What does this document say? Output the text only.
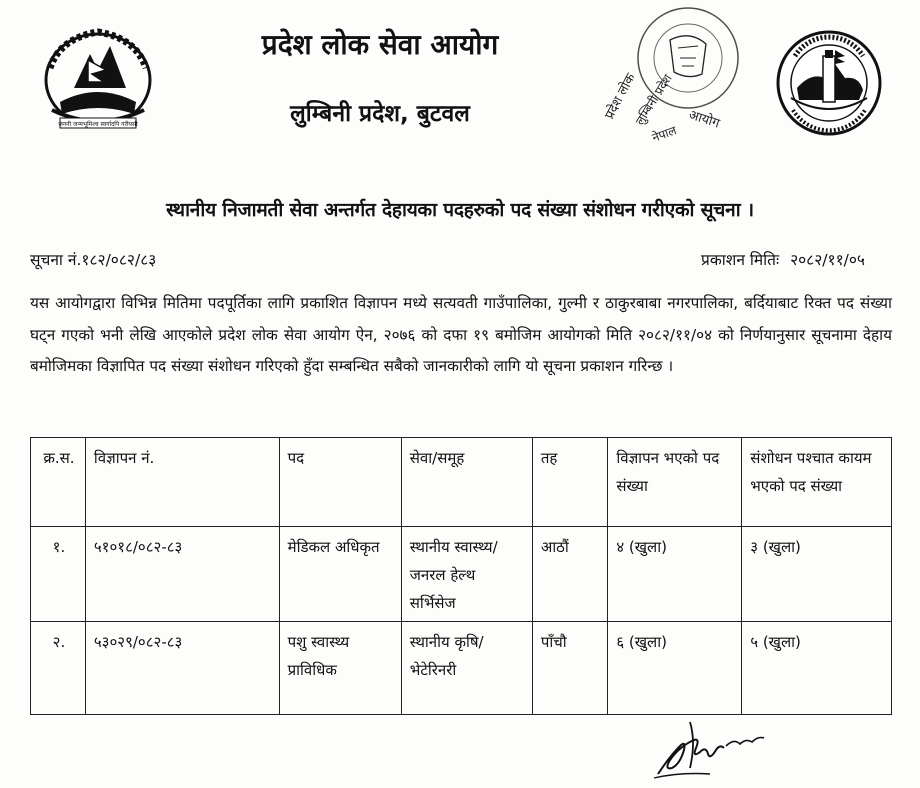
जननी जन्मभूमिश्च स्वर्गादपि गरीयसी
प्रदेश लोक
लुम्बिनी प्रदेश
नेपाल
आयोग
प्रदेश लोक सेवा आयोग
लुम्बिनी प्रदेश, बुटवल
स्थानीय निजामती सेवा अन्तर्गत देहायका पदहरुको पद संख्या संशोधन गरीएको सूचना ।
सूचना नं.१८२/०८२/८३	प्रकाशन मितिः २०८२/११/०५
यस आयोगद्वारा विभिन्न मितिमा पदपूर्तिका लागि प्रकाशित विज्ञापन मध्ये सत्यवती गाउँपालिका, गुल्मी र ठाकुरबाबा नगरपालिका, बर्दियाबाट रिक्त पद संख्या घट्न गएको भनी लेखि आएकोले प्रदेश लोक सेवा आयोग ऐन, २०७६ को दफा १९ बमोजिम आयोगको मिति २०८२/११/०४ को निर्णयानुसार सूचनामा देहाय बमोजिमका विज्ञापित पद संख्या संशोधन गरिएको हुँदा सम्बन्धित सबैको जानकारीको लागि यो सूचना प्रकाशन गरिन्छ ।
क्र.स.	विज्ञापन नं.	पद	सेवा/समूह	तह	विज्ञापन भएको पद संख्या	संशोधन पश्चात कायम भएको पद संख्या
१.	५१०१८/०८२-८३	मेडिकल अधिकृत	स्थानीय स्वास्थ्य/जनरल हेल्थ सर्भिसेज	आठौं	४ (खुला)	३ (खुला)
२.	५३०२९/०८२-८३	पशु स्वास्थ्य प्राविधिक	स्थानीय कृषि/भेटेरिनरी	पाँचौ	६ (खुला)	५ (खुला)
